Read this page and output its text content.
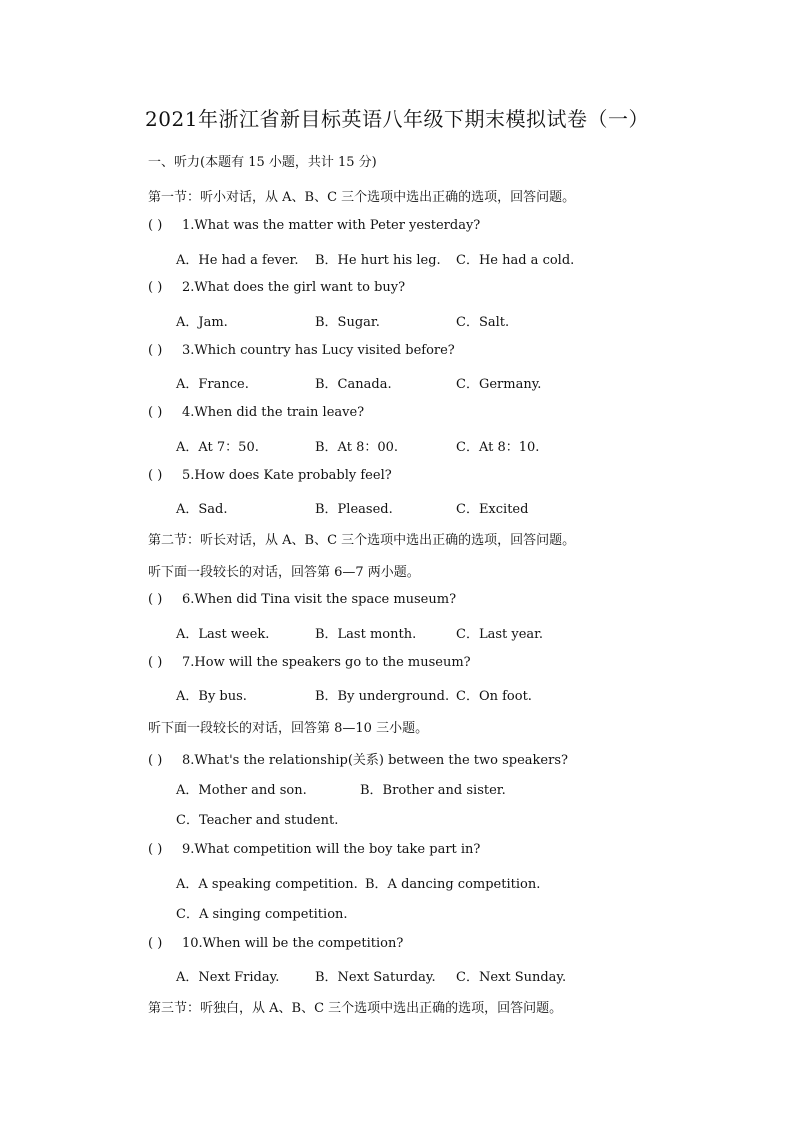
2021年浙江省新目标英语八年级下期末模拟试卷（一）
一、听力(本题有 15 小题，共计 15 分)
第一节：听小对话，从 A、B、C 三个选项中选出正确的选项，回答问题。
( ) 1.What was the matter with Peter yesterday?
A．He had a fever. B．He hurt his leg. C．He had a cold.
( ) 2.What does the girl want to buy?
A．Jam.	B．Sugar.	C．Salt.
( ) 3.Which country has Lucy visited before?
A．France.	B．Canada.	C．Germany.
( ) 4.When did the train leave?
A．At 7：50.	B．At 8：00.	C．At 8：10.
( ) 5.How does Kate probably feel?
A．Sad.	B．Pleased.	C．Excited
第二节：听长对话，从 A、B、C 三个选项中选出正确的选项，回答问题。
听下面一段较长的对话，回答第 6—7 两小题。
( ) 6.When did Tina visit the space museum?
A．Last week.	B．Last month.	C．Last year.
( ) 7.How will the speakers go to the museum?
A．By bus.	B．By underground. C．On foot.
听下面一段较长的对话，回答第 8—10 三小题。
( ) 8.What's the relationship(关系) between the two speakers?
A．Mother and son.	B．Brother and sister.
C．Teacher and student.
( ) 9.What competition will the boy take part in?
A．A speaking competition. B．A dancing competition.
C．A singing competition.
( ) 10.When will be the competition?
A．Next Friday.	B．Next Saturday. C．Next Sunday.
第三节：听独白，从 A、B、C 三个选项中选出正确的选项，回答问题。
